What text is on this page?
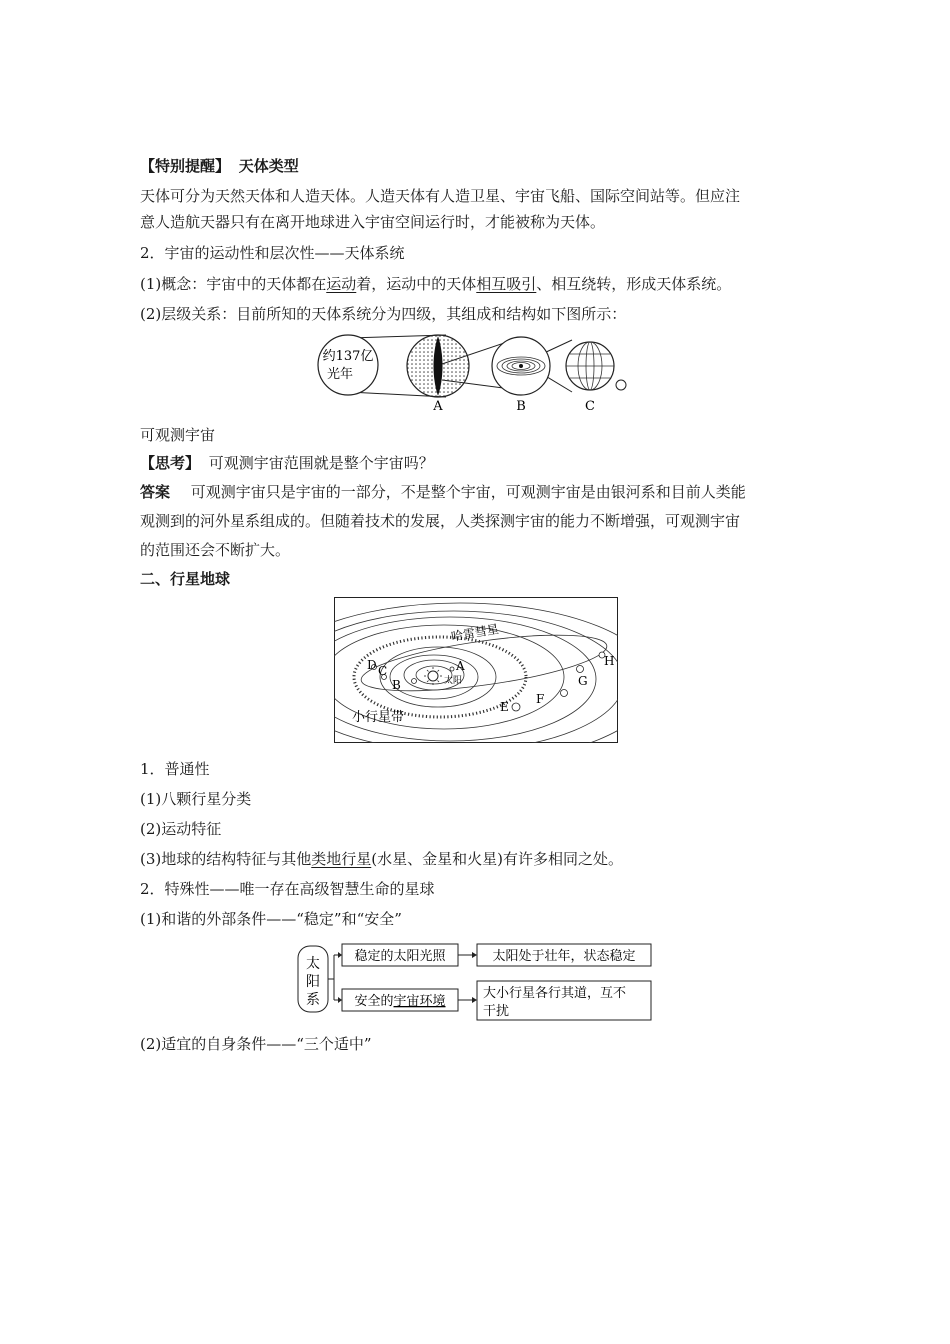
【特别提醒】 天体类型
天体可分为天然天体和人造天体。人造天体有人造卫星、宇宙飞船、国际空间站等。但应注
意人造航天器只有在离开地球进入宇宙空间运行时，才能被称为天体。
2．宇宙的运动性和层次性——天体系统
(1)概念：宇宙中的天体都在运动着，运动中的天体相互吸引、相互绕转，形成天体系统。
(2)层级关系：目前所知的天体系统分为四级，其组成和结构如下图所示：
约137亿
光年
A	B	C
可观测宇宙
【思考】 可观测宇宙范围就是整个宇宙吗？
答案 可观测宇宙只是宇宙的一部分，不是整个宇宙，可观测宇宙是由银河系和目前人类能
观测到的河外星系组成的。但随着技术的发展，人类探测宇宙的能力不断增强，可观测宇宙
的范围还会不断扩大。
二、行星地球
太阳
哈雷彗星
小行星带
A
B
C
D
E
F
G
H
1．普通性
(1)八颗行星分类
(2)运动特征
(3)地球的结构特征与其他类地行星(水星、金星和火星)有许多相同之处。
2．特殊性——唯一存在高级智慧生命的星球
(1)和谐的外部条件——“稳定”和“安全”
太
阳
系
稳定的太阳光照
安全的宇宙环境
太阳处于壮年，状态稳定
大小行星各行其道，互不
干扰
(2)适宜的自身条件——“三个适中”
